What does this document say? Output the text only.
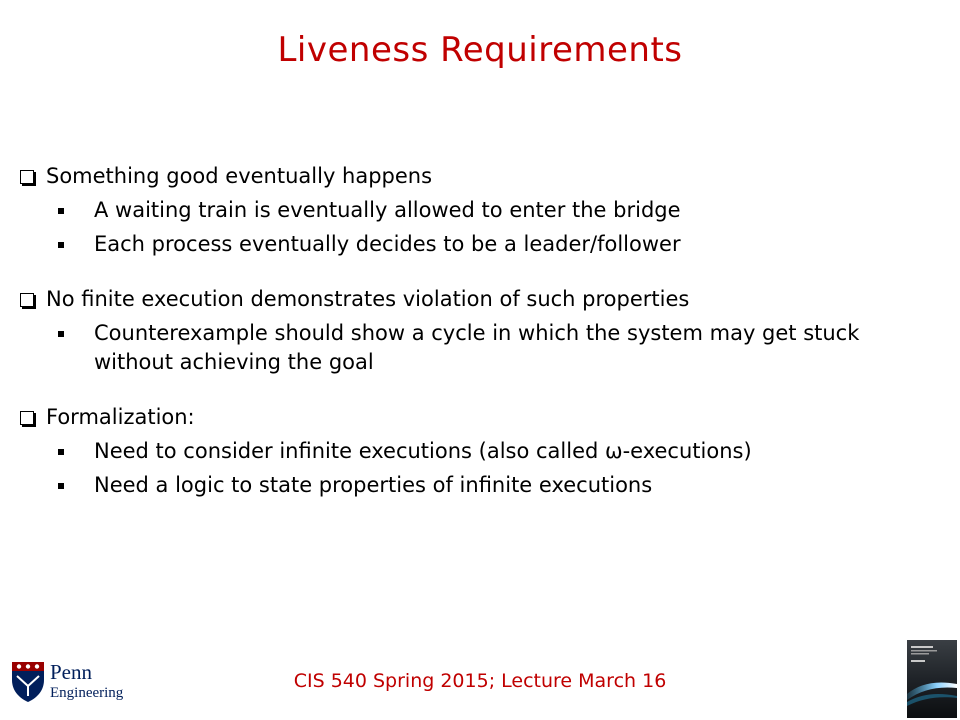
Liveness Requirements
Something good eventually happens
A waiting train is eventually allowed to enter the bridge
Each process eventually decides to be a leader/follower
No finite execution demonstrates violation of such properties
Counterexample should show a cycle in which the system may get stuck without achieving the goal
Formalization:
Need to consider infinite executions (also called ω-executions)
Need a logic to state properties of infinite executions
Penn
Engineering
CIS 540 Spring 2015; Lecture March 16
